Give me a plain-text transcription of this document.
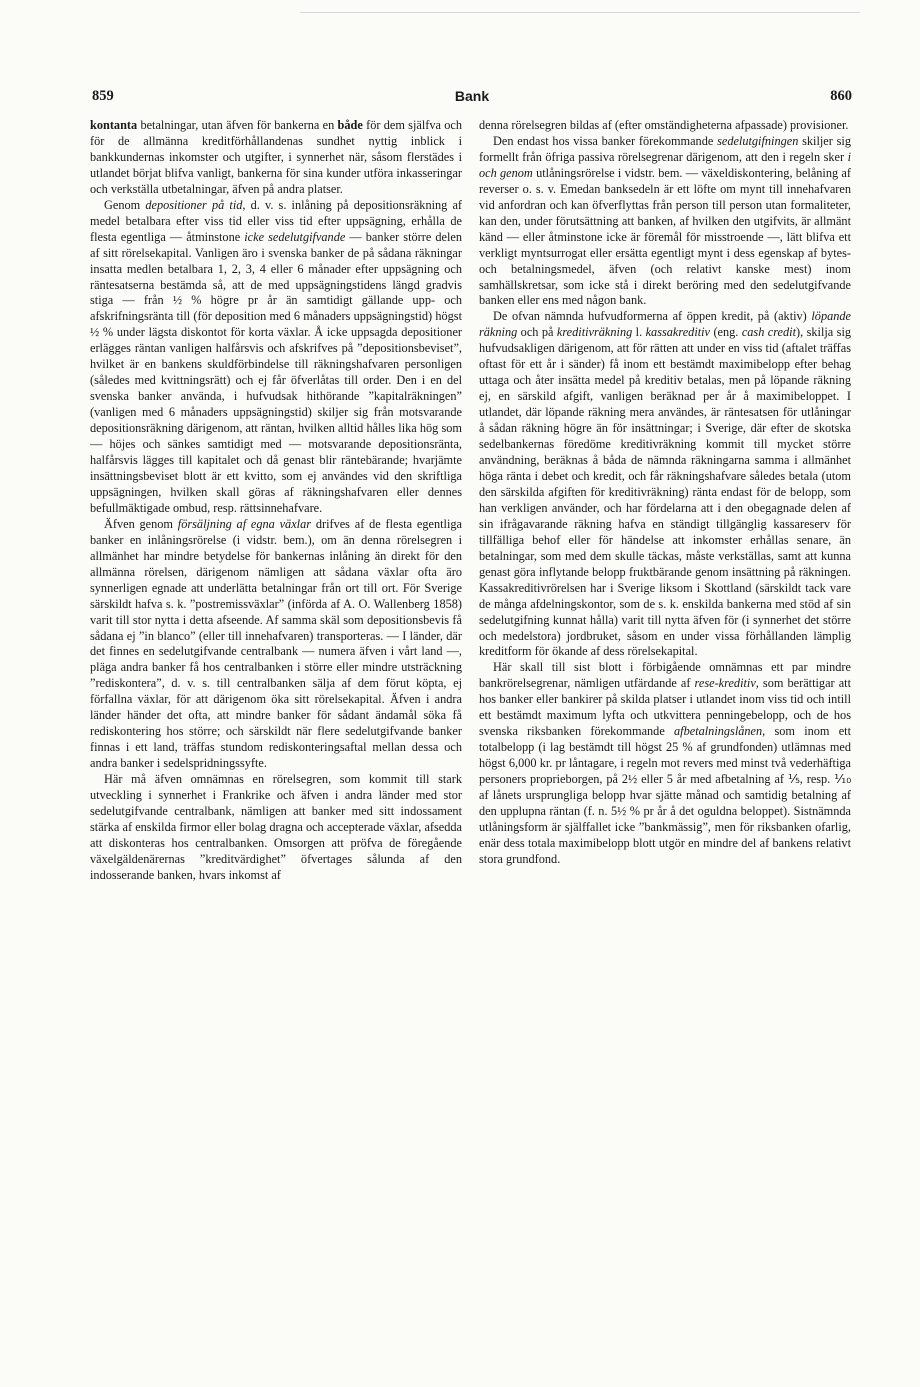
859	Bank	860

kontanta betalningar, utan äfven för bankerna en både för dem själfva och för de allmänna kreditförhållandenas sundhet nyttig inblick i bankkundernas inkomster och utgifter, i synnerhet när, såsom flerstädes i utlandet börjat blifva vanligt, bankerna för sina kunder utföra inkasseringar och verkställa utbetalningar, äfven på andra platser.

Genom depositioner på tid, d. v. s. inlåning på depositionsräkning af medel betalbara efter viss tid eller viss tid efter uppsägning, erhålla de flesta egentliga — åtminstone icke sedelutgifvande — banker större delen af sitt rörelsekapital. Vanligen äro i svenska banker de på sådana räkningar insatta medlen betalbara 1, 2, 3, 4 eller 6 månader efter uppsägning och räntesatserna bestämda så, att de med uppsägningstidens längd gradvis stiga — från ½ % högre pr år än samtidigt gällande upp- och afskrifningsränta till (för deposition med 6 månaders uppsägningstid) högst ½ % under lägsta diskontot för korta växlar. Å icke uppsagda depositioner erlägges räntan vanligen halfårsvis och afskrifves på ”depositionsbeviset”, hvilket är en bankens skuldförbindelse till räkningshafvaren personligen (således med kvittningsrätt) och ej får öfverlåtas till order. Den i en del svenska banker använda, i hufvudsak hithörande ”kapitalräkningen” (vanligen med 6 månaders uppsägningstid) skiljer sig från motsvarande depositionsräkning därigenom, att räntan, hvilken alltid hålles lika hög som — höjes och sänkes samtidigt med — motsvarande depositionsränta, halfårsvis lägges till kapitalet och då genast blir räntebärande; hvarjämte insättningsbeviset blott är ett kvitto, som ej användes vid den skriftliga uppsägningen, hvilken skall göras af räkningshafvaren eller dennes befullmäktigade ombud, resp. rättsinnehafvare.

Äfven genom försäljning af egna växlar drifves af de flesta egentliga banker en inlåningsrörelse (i vidstr. bem.), om än denna rörelsegren i allmänhet har mindre betydelse för bankernas inlåning än direkt för den allmänna rörelsen, därigenom nämligen att sådana växlar ofta äro synnerligen egnade att underlätta betalningar från ort till ort. För Sverige särskildt hafva s. k. ”postremissväxlar” (införda af A. O. Wallenberg 1858) varit till stor nytta i detta afseende. Af samma skäl som depositionsbevis få sådana ej ”in blanco” (eller till innehafvaren) transporteras. — I länder, där det finnes en sedelutgifvande centralbank — numera äfven i vårt land —, pläga andra banker få hos centralbanken i större eller mindre utsträckning ”rediskontera”, d. v. s. till centralbanken sälja af dem förut köpta, ej förfallna växlar, för att därigenom öka sitt rörelsekapital. Äfven i andra länder händer det ofta, att mindre banker för sådant ändamål söka få rediskontering hos större; och särskildt när flere sedelutgifvande banker finnas i ett land, träffas stundom rediskonteringsaftal mellan dessa och andra banker i sedelspridningssyfte.

Här må äfven omnämnas en rörelsegren, som kommit till stark utveckling i synnerhet i Frankrike och äfven i andra länder med stor sedelutgifvande centralbank, nämligen att banker med sitt indossament stärka af enskilda firmor eller bolag dragna och accepterade växlar, afsedda att diskonteras hos centralbanken. Omsorgen att pröfva de föregående växelgäldenärernas ”kreditvärdighet” öfvertages sålunda af den indosserande banken, hvars inkomst af

denna rörelsegren bildas af (efter omständigheterna afpassade) provisioner.

Den endast hos vissa banker förekommande sedelutgifningen skiljer sig formellt från öfriga passiva rörelsegrenar därigenom, att den i regeln sker i och genom utlåningsrörelse i vidstr. bem. — växeldiskontering, belåning af reverser o. s. v. Emedan banksedeln är ett löfte om mynt till innehafvaren vid anfordran och kan öfverflyttas från person till person utan formaliteter, kan den, under förutsättning att banken, af hvilken den utgifvits, är allmänt känd — eller åtminstone icke är föremål för misstroende —, lätt blifva ett verkligt myntsurrogat eller ersätta egentligt mynt i dess egenskap af bytes- och betalningsmedel, äfven (och relativt kanske mest) inom samhällskretsar, som icke stå i direkt beröring med den sedelutgifvande banken eller ens med någon bank.

De ofvan nämnda hufvudformerna af öppen kredit, på (aktiv) löpande räkning och på kreditivräkning l. kassakreditiv (eng. cash credit), skilja sig hufvudsakligen därigenom, att för rätten att under en viss tid (aftalet träffas oftast för ett år i sänder) få inom ett bestämdt maximibelopp efter behag uttaga och åter insätta medel på kreditiv betalas, men på löpande räkning ej, en särskild afgift, vanligen beräknad per år å maximibeloppet. I utlandet, där löpande räkning mera användes, är räntesatsen för utlåningar å sådan räkning högre än för insättningar; i Sverige, där efter de skotska sedelbankernas föredöme kreditivräkning kommit till mycket större användning, beräknas å båda de nämnda räkningarna samma i allmänhet höga ränta i debet och kredit, och får räkningshafvare således betala (utom den särskilda afgiften för kreditivräkning) ränta endast för de belopp, som han verkligen använder, och har fördelarna att i den obegagnade delen af sin ifrågavarande räkning hafva en ständigt tillgänglig kassareserv för tillfälliga behof eller för händelse att inkomster erhållas senare, än betalningar, som med dem skulle täckas, måste verkställas, samt att kunna genast göra inflytande belopp fruktbärande genom insättning på räkningen. Kassakreditivrörelsen har i Sverige liksom i Skottland (särskildt tack vare de många afdelningskontor, som de s. k. enskilda bankerna med stöd af sin sedelutgifning kunnat hålla) varit till nytta äfven för (i synnerhet det större och medelstora) jordbruket, såsom en under vissa förhållanden lämplig kreditform för ökande af dess rörelsekapital.

Här skall till sist blott i förbigående omnämnas ett par mindre bankrörelsegrenar, nämligen utfärdande af rese-kreditiv, som berättigar att hos banker eller bankirer på skilda platser i utlandet inom viss tid och intill ett bestämdt maximum lyfta och utkvittera penningebelopp, och de hos svenska riksbanken förekommande afbetalningslånen, som inom ett totalbelopp (i lag bestämdt till högst 25 % af grundfonden) utlämnas med högst 6,000 kr. pr låntagare, i regeln mot revers med minst två vederhäftiga personers proprieborgen, på 2½ eller 5 år med afbetalning af ⅕, resp. ⅒ af lånets ursprungliga belopp hvar sjätte månad och samtidig betalning af den upplupna räntan (f. n. 5½ % pr år å det oguldna beloppet). Sistnämnda utlåningsform är själffallet icke ”bankmässig”, men för riksbanken ofarlig, enär dess totala maximibelopp blott utgör en mindre del af bankens relativt stora grundfond.
